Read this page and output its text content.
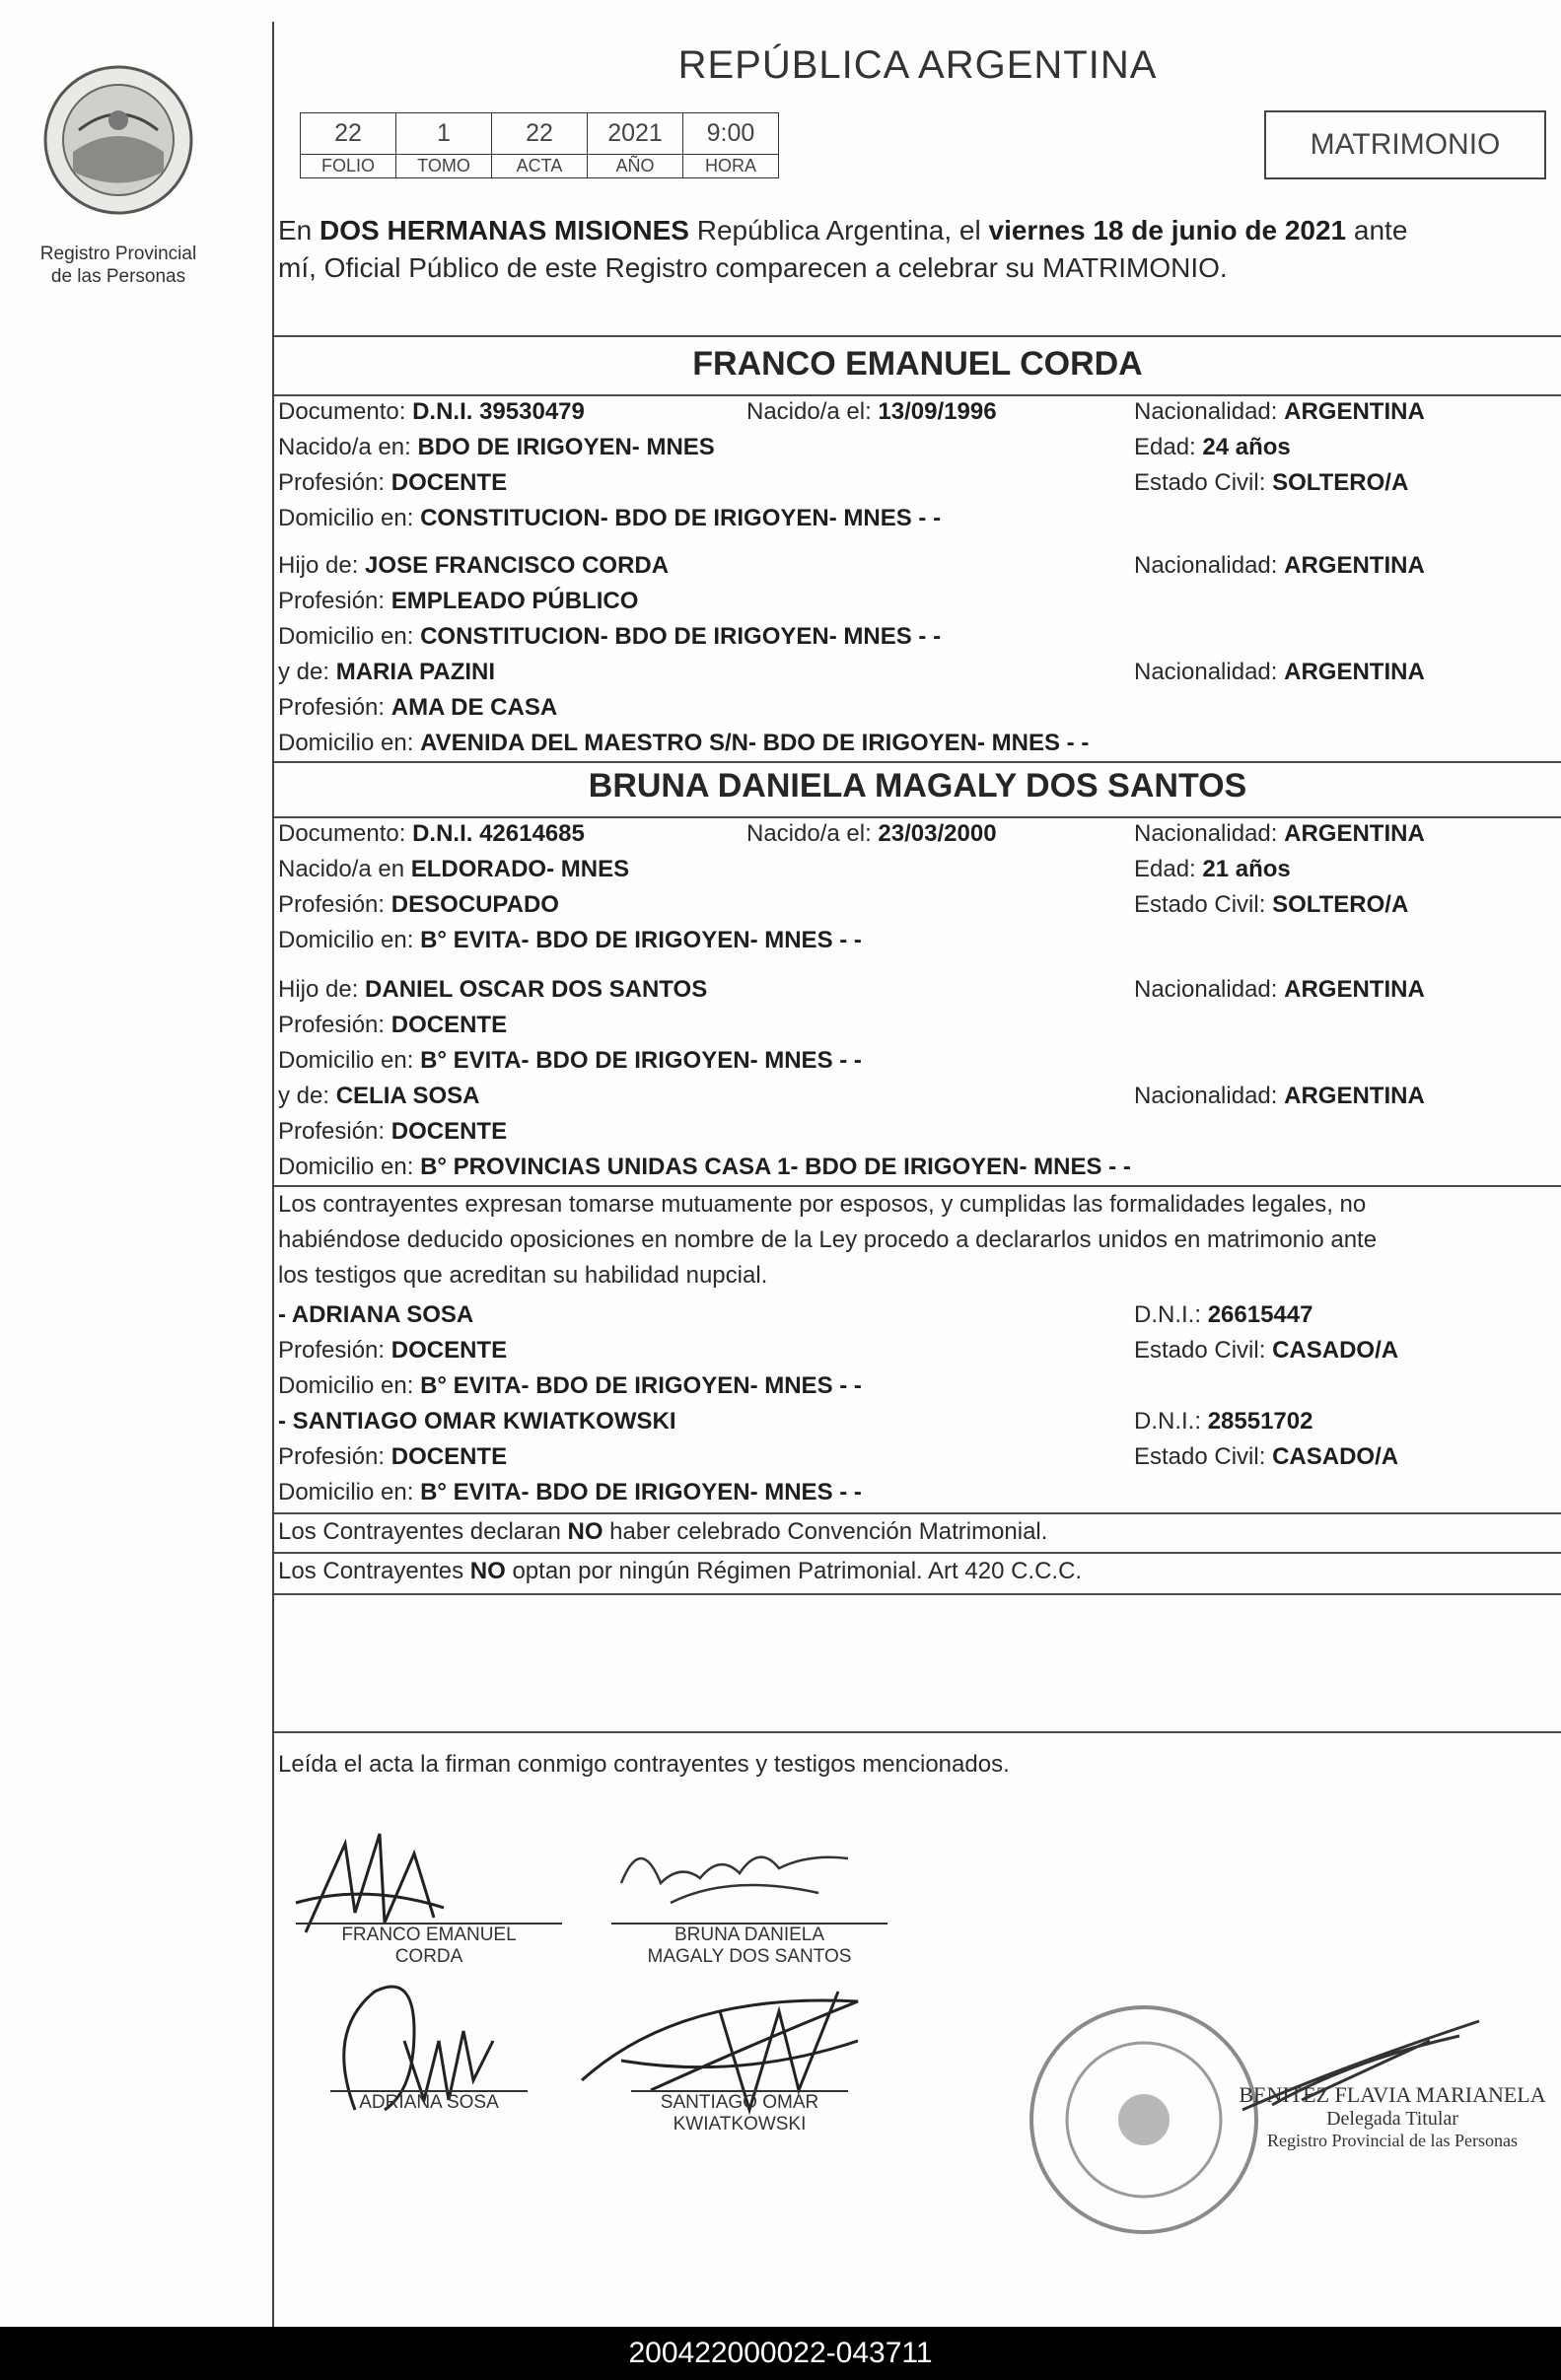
Registro Provincial
de las Personas
REPÚBLICA ARGENTINA
22	1	22	2021	9:00
FOLIO	TOMO	ACTA	AÑO	HORA
MATRIMONIO
En DOS HERMANAS MISIONES República Argentina, el viernes 18 de junio de 2021 ante
mí, Oficial Público de este Registro comparecen a celebrar su MATRIMONIO.
FRANCO EMANUEL CORDA
Documento: D.N.I. 39530479	Nacido/a el: 13/09/1996	Nacionalidad: ARGENTINA
Nacido/a en: BDO DE IRIGOYEN- MNES	Edad: 24 años
Profesión: DOCENTE	Estado Civil: SOLTERO/A
Domicilio en: CONSTITUCION- BDO DE IRIGOYEN- MNES - -
Hijo de: JOSE FRANCISCO CORDA	Nacionalidad: ARGENTINA
Profesión: EMPLEADO PÚBLICO
Domicilio en: CONSTITUCION- BDO DE IRIGOYEN- MNES - -
y de: MARIA PAZINI	Nacionalidad: ARGENTINA
Profesión: AMA DE CASA
Domicilio en: AVENIDA DEL MAESTRO S/N- BDO DE IRIGOYEN- MNES - -
BRUNA DANIELA MAGALY DOS SANTOS
Documento: D.N.I. 42614685	Nacido/a el: 23/03/2000	Nacionalidad: ARGENTINA
Nacido/a en ELDORADO- MNES	Edad: 21 años
Profesión: DESOCUPADO	Estado Civil: SOLTERO/A
Domicilio en: B° EVITA- BDO DE IRIGOYEN- MNES - -
Hijo de: DANIEL OSCAR DOS SANTOS	Nacionalidad: ARGENTINA
Profesión: DOCENTE
Domicilio en: B° EVITA- BDO DE IRIGOYEN- MNES - -
y de: CELIA SOSA	Nacionalidad: ARGENTINA
Profesión: DOCENTE
Domicilio en: B° PROVINCIAS UNIDAS CASA 1- BDO DE IRIGOYEN- MNES - -
Los contrayentes expresan tomarse mutuamente por esposos, y cumplidas las formalidades legales, no
habiéndose deducido oposiciones en nombre de la Ley procedo a declararlos unidos en matrimonio ante
los testigos que acreditan su habilidad nupcial.
- ADRIANA SOSA	D.N.I.: 26615447
Profesión: DOCENTE	Estado Civil: CASADO/A
Domicilio en: B° EVITA- BDO DE IRIGOYEN- MNES - -
- SANTIAGO OMAR KWIATKOWSKI	D.N.I.: 28551702
Profesión: DOCENTE	Estado Civil: CASADO/A
Domicilio en: B° EVITA- BDO DE IRIGOYEN- MNES - -
Los Contrayentes declaran NO haber celebrado Convención Matrimonial.
Los Contrayentes NO optan por ningún Régimen Patrimonial. Art 420 C.C.C.
Leída el acta la firman conmigo contrayentes y testigos mencionados.
FRANCO EMANUEL
CORDA
BRUNA DANIELA
MAGALY DOS SANTOS
ADRIANA SOSA	SANTIAGO OMAR
KWIATKOWSKI
BENITEZ FLAVIA MARIANELA
Delegada Titular
Registro Provincial de las Personas
200422000022-043711
